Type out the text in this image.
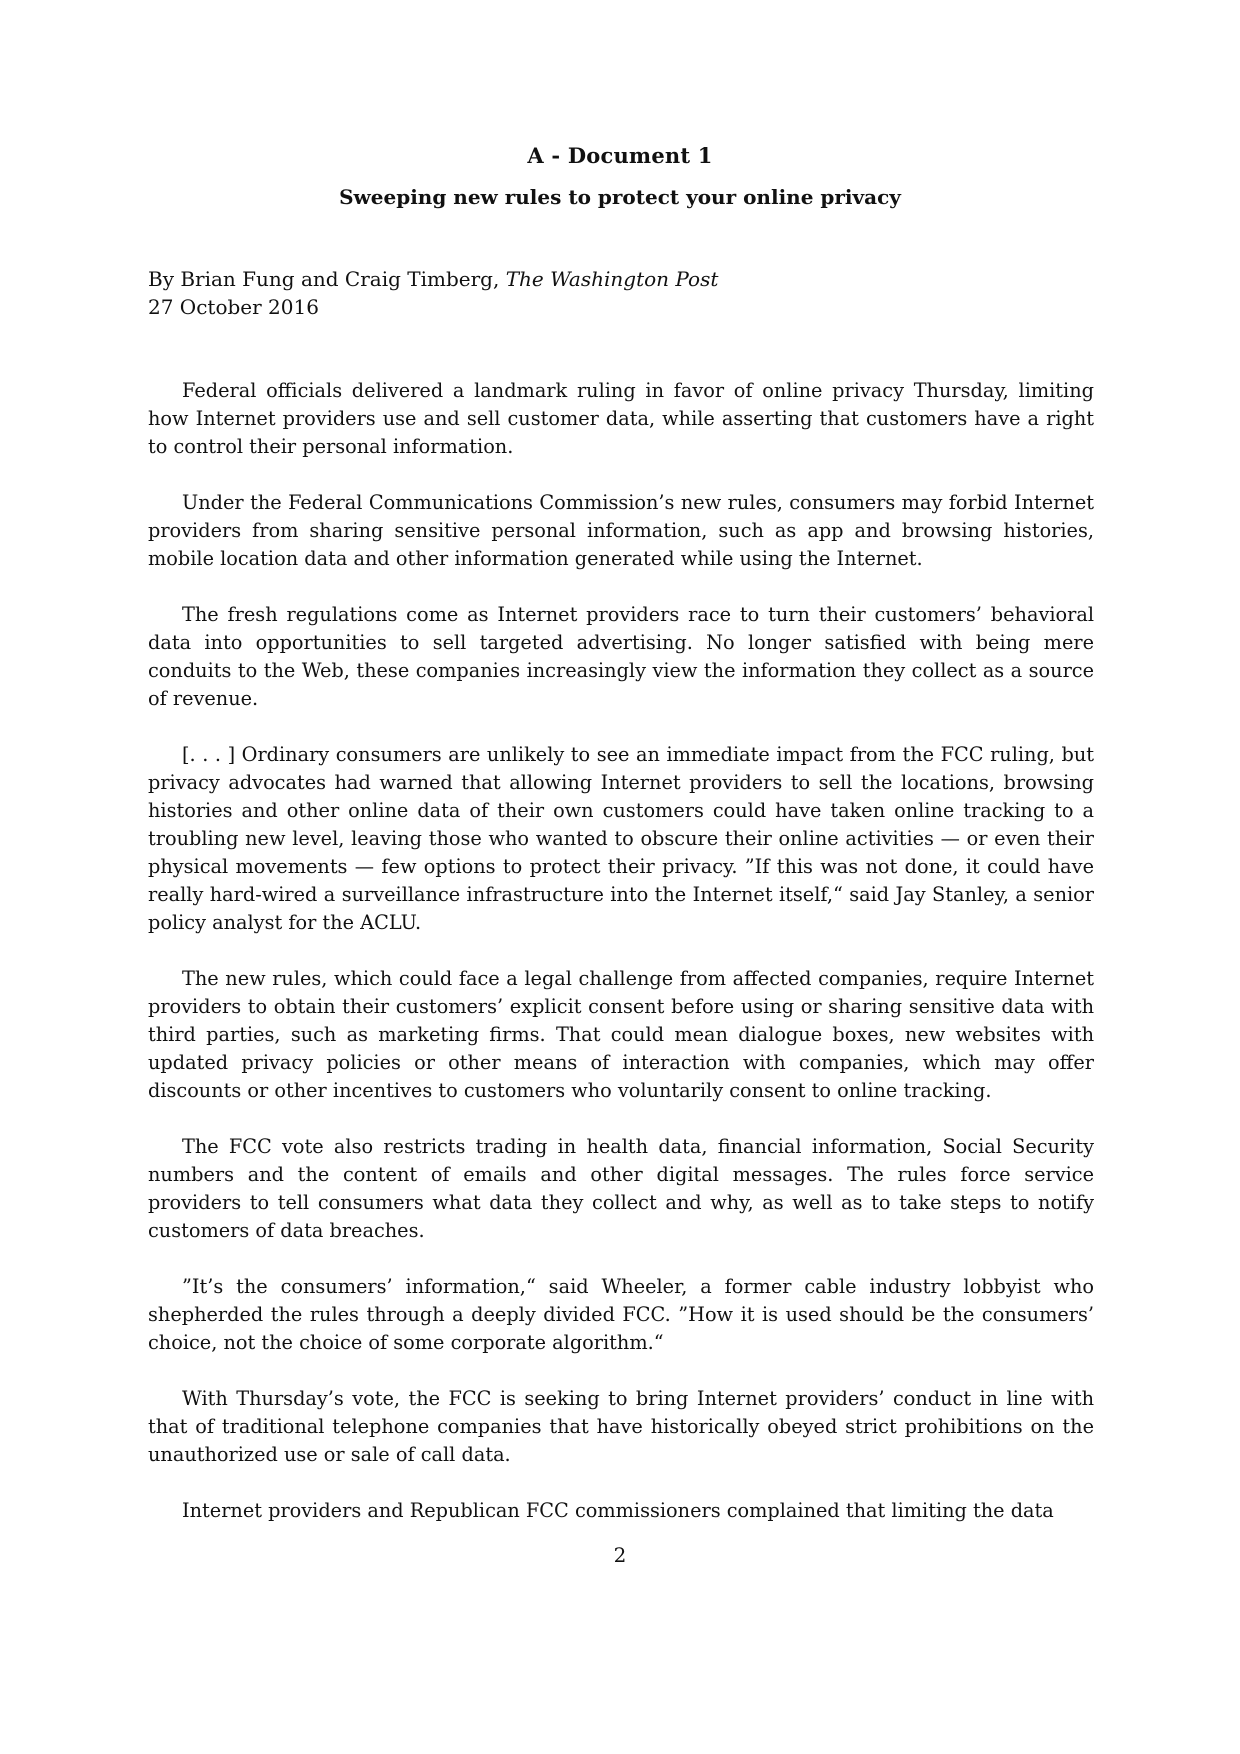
A - Document 1
Sweeping new rules to protect your online privacy
By Brian Fung and Craig Timberg, The Washington Post
27 October 2016

Federal officials delivered a landmark ruling in favor of online privacy Thursday, limiting how Internet providers use and sell customer data, while asserting that customers have a right to control their personal information.

Under the Federal Communications Commission’s new rules, consumers may forbid Internet providers from sharing sensitive personal information, such as app and browsing histories, mobile location data and other information generated while using the Internet.

The fresh regulations come as Internet providers race to turn their customers’ behavioral data into opportunities to sell targeted advertising. No longer satisfied with being mere conduits to the Web, these companies increasingly view the information they collect as a source of revenue.

[. . . ] Ordinary consumers are unlikely to see an immediate impact from the FCC ruling, but privacy advocates had warned that allowing Internet providers to sell the locations, browsing histories and other online data of their own customers could have taken online tracking to a troubling new level, leaving those who wanted to obscure their online activities — or even their physical movements — few options to protect their privacy. ”If this was not done, it could have really hard-wired a surveillance infrastructure into the Internet itself,“ said Jay Stanley, a senior policy analyst for the ACLU.

The new rules, which could face a legal challenge from affected companies, require Internet providers to obtain their customers’ explicit consent before using or sharing sensitive data with third parties, such as marketing firms. That could mean dialogue boxes, new websites with updated privacy policies or other means of interaction with companies, which may offer discounts or other incentives to customers who voluntarily consent to online tracking.

The FCC vote also restricts trading in health data, financial information, Social Security numbers and the content of emails and other digital messages. The rules force service providers to tell consumers what data they collect and why, as well as to take steps to notify customers of data breaches.

”It’s the consumers’ information,“ said Wheeler, a former cable industry lobbyist who shepherded the rules through a deeply divided FCC. ”How it is used should be the consumers’ choice, not the choice of some corporate algorithm.“

With Thursday’s vote, the FCC is seeking to bring Internet providers’ conduct in line with that of traditional telephone companies that have historically obeyed strict prohibitions on the unauthorized use or sale of call data.

Internet providers and Republican FCC commissioners complained that limiting the data

2
